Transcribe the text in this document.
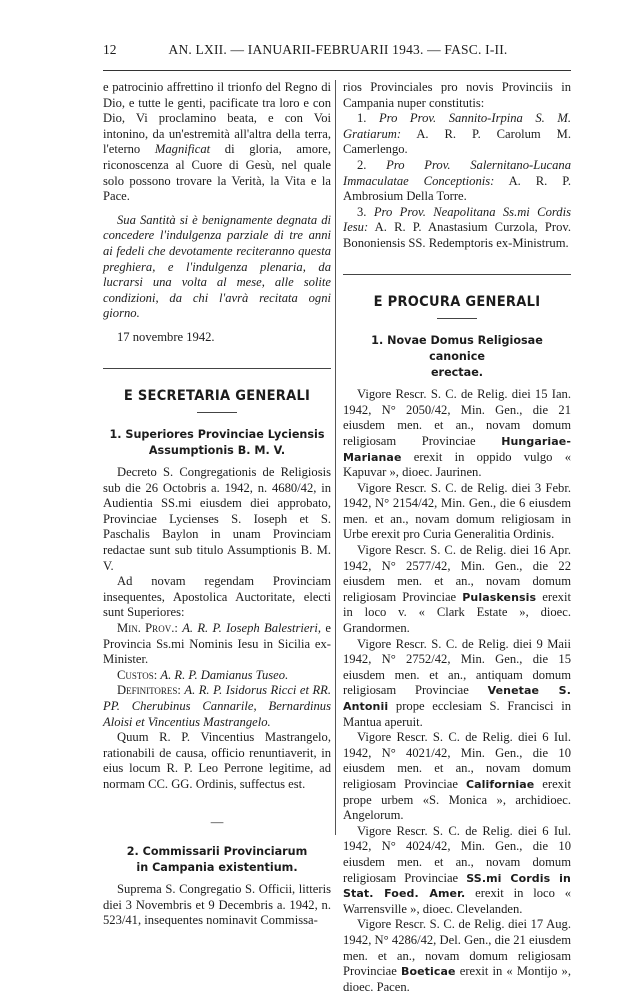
12	AN. LXII. — IANUARII-FEBRUARII 1943. — FASC. I-II.

e patrocinio affrettino il trionfo del Regno di Dio, e tutte le genti, pacificate tra loro e con Dio, Vi proclamino beata, e con Voi intonino, da un'estremità all'altra della terra, l'eterno Magnificat di gloria, amore, riconoscenza al Cuore di Gesù, nel quale solo possono trovare la Verità, la Vita e la Pace.

Sua Santità si è benignamente degnata di concedere l'indulgenza parziale di tre anni ai fedeli che devotamente reciteranno questa preghiera, e l'indulgenza plenaria, da lucrarsi una volta al mese, alle solite condizioni, da chi l'avrà recitata ogni giorno.

17 novembre 1942.

E SECRETARIA GENERALI
1. Superiores Provinciae Lyciensis
Assumptionis B. M. V.

Decreto S. Congregationis de Religiosis sub die 26 Octobris a. 1942, n. 4680/42, in Audientia SS.mi eiusdem diei approbato, Provinciae Lycienses S. Ioseph et S. Paschalis Baylon in unam Provinciam redactae sunt sub titulo Assumptionis B. M. V.

Ad novam regendam Provinciam insequentes, Apostolica Auctoritate, electi sunt Superiores:

Min. Prov.: A. R. P. Ioseph Balestrieri, e Provincia Ss.mi Nominis Iesu in Sicilia ex-Minister.

Custos: A. R. P. Damianus Tuseo.

Definitores: A. R. P. Isidorus Ricci et RR. PP. Cherubinus Cannarile, Bernardinus Aloisi et Vincentius Mastrangelo.

Quum R. P. Vincentius Mastrangelo, rationabili de causa, officio renuntiaverit, in eius locum R. P. Leo Perrone legitime, ad normam CC. GG. Ordinis, suffectus est.

—
2. Commissarii Provinciarum
in Campania existentium.

Suprema S. Congregatio S. Officii, litteris diei 3 Novembris et 9 Decembris a. 1942, n. 523/41, insequentes nominavit Commissa-

rios Provinciales pro novis Provinciis in Campania nuper constitutis:

1. Pro Prov. Sannito-Irpina S. M. Gratiarum: A. R. P. Carolum M. Camerlengo.

2. Pro Prov. Salernitano-Lucana Immaculatae Conceptionis: A. R. P. Ambrosium Della Torre.

3. Pro Prov. Neapolitana Ss.mi Cordis Iesu: A. R. P. Anastasium Curzola, Prov. Bononiensis SS. Redemptoris ex-Ministrum.

E PROCURA GENERALI
1. Novae Domus Religiosae canonice
erectae.

Vigore Rescr. S. C. de Relig. diei 15 Ian. 1942, N° 2050/42, Min. Gen., die 21 eiusdem men. et an., novam domum religiosam Provinciae Hungariae-Marianae erexit in oppido vulgo « Kapuvar », dioec. Jaurinen.

Vigore Rescr. S. C. de Relig. diei 3 Febr. 1942, N° 2154/42, Min. Gen., die 6 eiusdem men. et an., novam domum religiosam in Urbe erexit pro Curia Generalitia Ordinis.

Vigore Rescr. S. C. de Relig. diei 16 Apr. 1942, N° 2577/42, Min. Gen., die 22 eiusdem men. et an., novam domum religiosam Provinciae Pulaskensis erexit in loco v. « Clark Estate », dioec. Grandormen.

Vigore Rescr. S. C. de Relig. diei 9 Maii 1942, N° 2752/42, Min. Gen., die 15 eiusdem men. et an., antiquam domum religiosam Provinciae Venetae S. Antonii prope ecclesiam S. Francisci in Mantua aperuit.

Vigore Rescr. S. C. de Relig. diei 6 Iul. 1942, N° 4021/42, Min. Gen., die 10 eiusdem men. et an., novam domum religiosam Provinciae Californiae erexit prope urbem «S. Monica », archidioec. Angelorum.

Vigore Rescr. S. C. de Relig. diei 6 Iul. 1942, N° 4024/42, Min. Gen., die 10 eiusdem men. et an., novam domum religiosam Provinciae SS.mi Cordis in Stat. Foed. Amer. erexit in loco « Warrensville », dioec. Clevelanden.

Vigore Rescr. S. C. de Relig. diei 17 Aug. 1942, N° 4286/42, Del. Gen., die 21 eiusdem men. et an., novam domum religiosam Provinciae Boeticae erexit in « Montijo », dioec. Pacen.
